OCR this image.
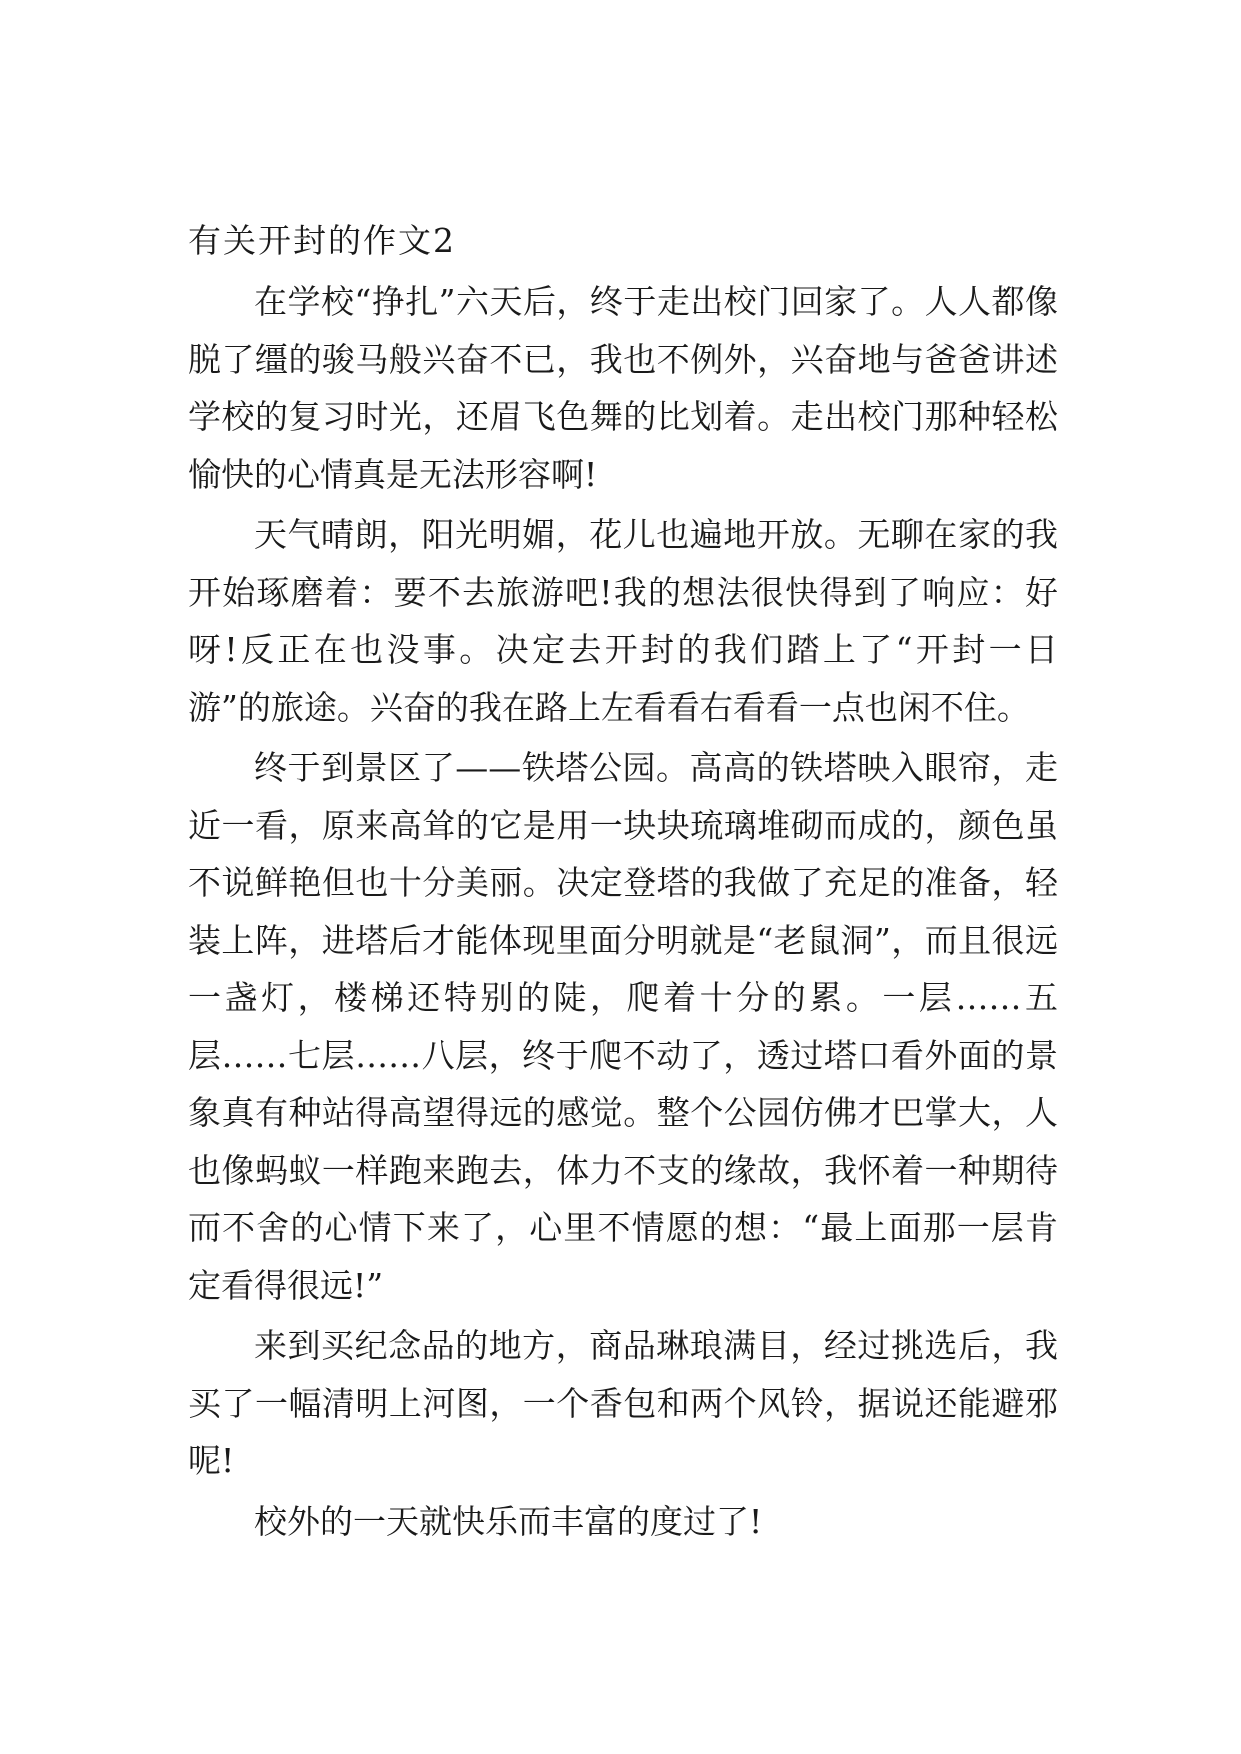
有关开封的作文2

在学校“挣扎”六天后，终于走出校门回家了。人人都像脱了缰的骏马般兴奋不已，我也不例外，兴奋地与爸爸讲述学校的复习时光，还眉飞色舞的比划着。走出校门那种轻松愉快的心情真是无法形容啊!

天气晴朗，阳光明媚，花儿也遍地开放。无聊在家的我开始琢磨着：要不去旅游吧!我的想法很快得到了响应：好呀!反正在也没事。决定去开封的我们踏上了“开封一日游”的旅途。兴奋的我在路上左看看右看看一点也闲不住。

终于到景区了——铁塔公园。高高的铁塔映入眼帘，走近一看，原来高耸的它是用一块块琉璃堆砌而成的，颜色虽不说鲜艳但也十分美丽。决定登塔的我做了充足的准备，轻装上阵，进塔后才能体现里面分明就是“老鼠洞”，而且很远一盏灯，楼梯还特别的陡，爬着十分的累。一层……五层……七层……八层，终于爬不动了，透过塔口看外面的景象真有种站得高望得远的感觉。整个公园仿佛才巴掌大，人也像蚂蚁一样跑来跑去，体力不支的缘故，我怀着一种期待而不舍的心情下来了，心里不情愿的想：“最上面那一层肯定看得很远!”

来到买纪念品的地方，商品琳琅满目，经过挑选后，我买了一幅清明上河图，一个香包和两个风铃，据说还能避邪呢!

校外的一天就快乐而丰富的度过了!
